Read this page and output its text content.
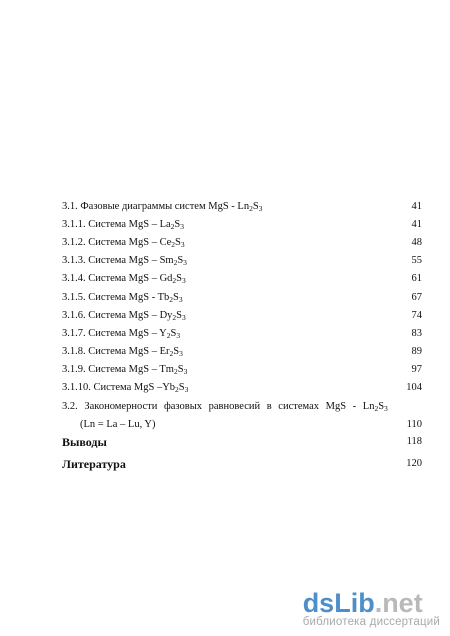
3.1. Фазовые диаграммы систем MgS - $Ln_2S_3$	41
3.1.1. Система MgS – $La_2S_3$	41
3.1.2. Система MgS – $Ce_2S_3$	48
3.1.3. Система MgS – $Sm_2S_3$	55
3.1.4. Система MgS – $Gd_2S_3$	61
3.1.5. Система MgS - $Tb_2S_3$	67
3.1.6. Система MgS – $Dy_2S_3$	74
3.1.7. Система MgS – $Y_2S_3$	83
3.1.8. Система MgS – $Er_2S_3$	89
3.1.9. Система MgS – $Tm_2S_3$	97
3.1.10. Система MgS $-Yb_2S_3$	104
3.2. Закономерности фазовых равновесий в системах MgS - $Ln_2S_3$
(Ln = La – Lu, Y)	110
Выводы	118
Литература	120
dsLib.net
библиотека диссертаций
